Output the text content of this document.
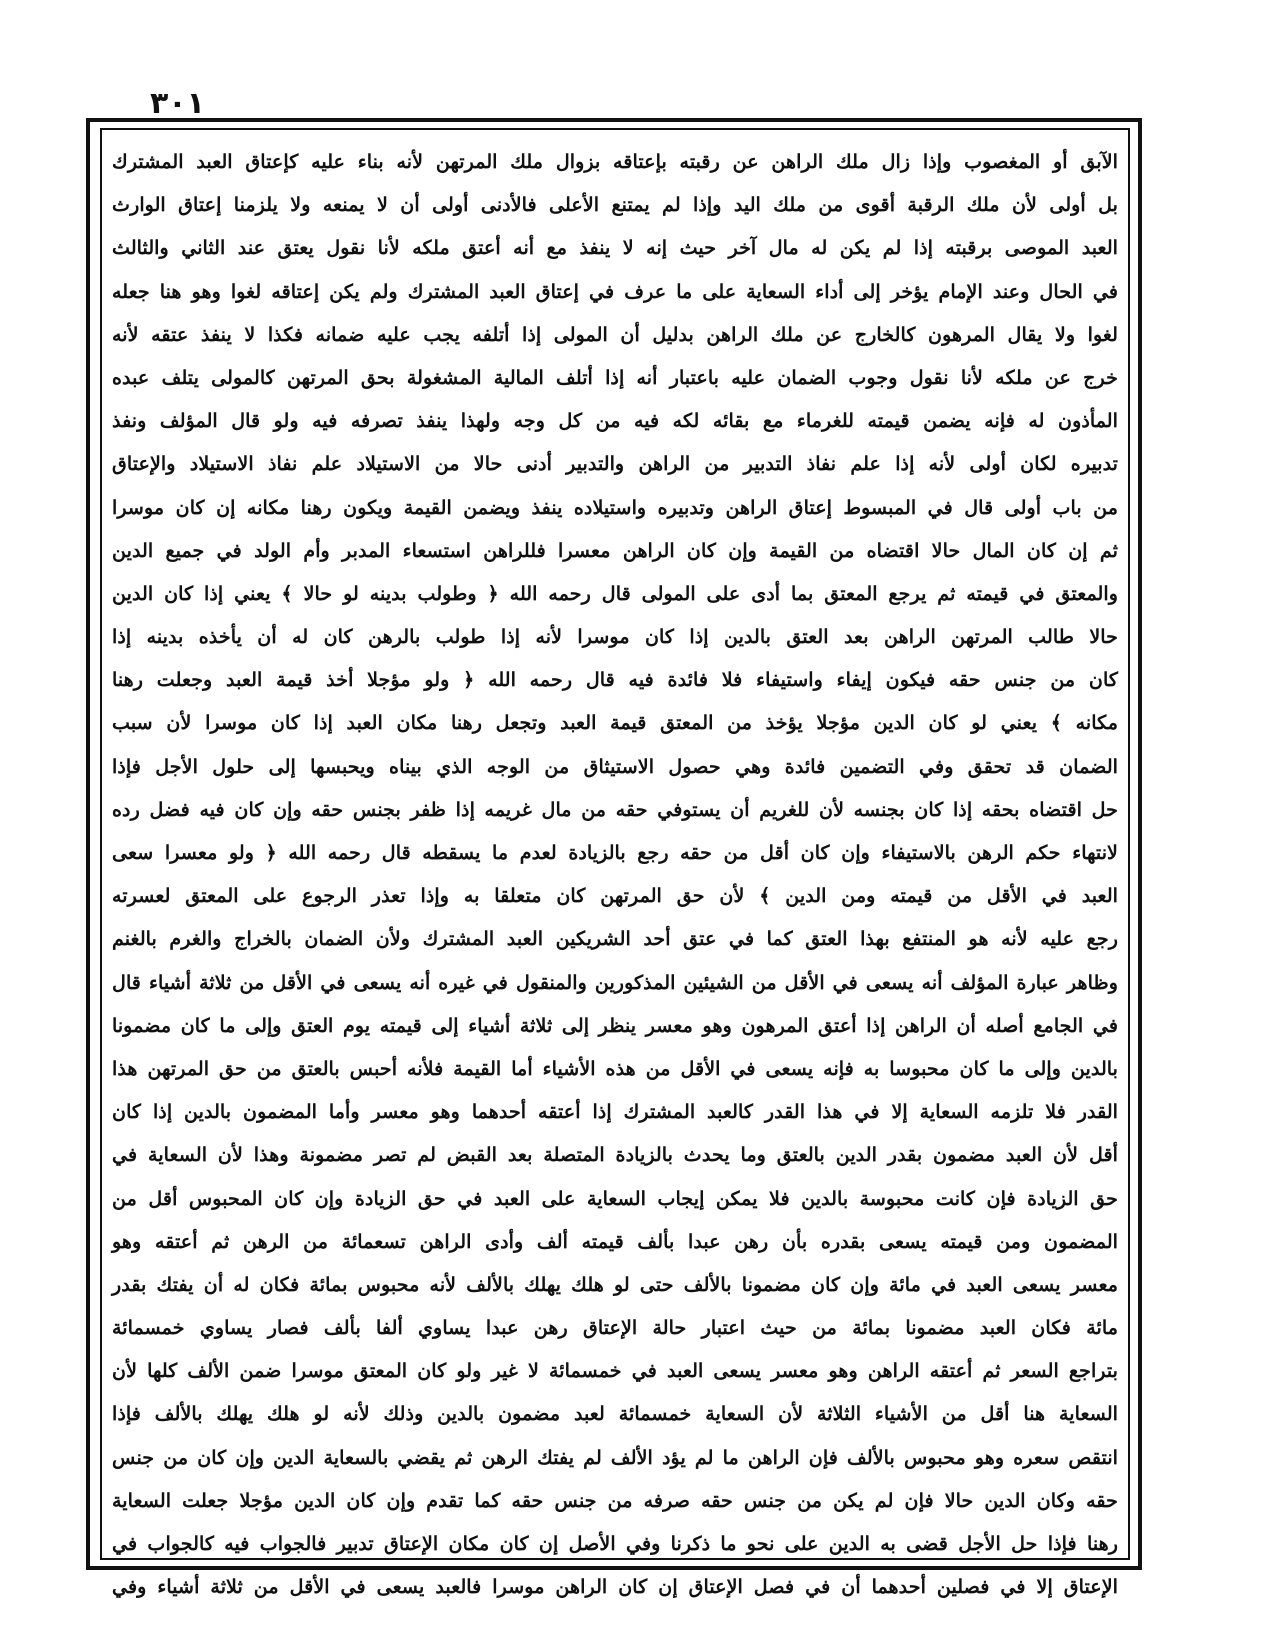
٣٠١
الآبق أو المغصوب وإذا زال ملك الراهن عن رقبته بإعتاقه بزوال ملك المرتهن لأنه بناء عليه كإعتاق العبد المشترك
بل أولى لأن ملك الرقبة أقوى من ملك اليد وإذا لم يمتنع الأعلى فالأدنى أولى أن لا يمنعه ولا يلزمنا إعتاق الوارث
العبد الموصى برقبته إذا لم يكن له مال آخر حيث إنه لا ينفذ مع أنه أعتق ملكه لأنا نقول يعتق عند الثاني والثالث
في الحال وعند الإمام يؤخر إلى أداء السعاية على ما عرف في إعتاق العبد المشترك ولم يكن إعتاقه لغوا وهو هنا جعله
لغوا ولا يقال المرهون كالخارج عن ملك الراهن بدليل أن المولى إذا أتلفه يجب عليه ضمانه فكذا لا ينفذ عتقه لأنه
خرج عن ملكه لأنا نقول وجوب الضمان عليه باعتبار أنه إذا أتلف المالية المشغولة بحق المرتهن كالمولى يتلف عبده
المأذون له فإنه يضمن قيمته للغرماء مع بقائه لكه فيه من كل وجه ولهذا ينفذ تصرفه فيه ولو قال المؤلف ونفذ
تدبيره لكان أولى لأنه إذا علم نفاذ التدبير من الراهن والتدبير أدنى حالا من الاستيلاد علم نفاذ الاستيلاد والإعتاق
من باب أولى قال في المبسوط إعتاق الراهن وتدبيره واستيلاده ينفذ ويضمن القيمة ويكون رهنا مكانه إن كان موسرا
ثم إن كان المال حالا اقتضاه من القيمة وإن كان الراهن معسرا فللراهن استسعاء المدبر وأم الولد في جميع الدين
والمعتق في قيمته ثم يرجع المعتق بما أدى على المولى قال رحمه الله ﴿ وطولب بدينه لو حالا ﴾ يعني إذا كان الدين
حالا طالب المرتهن الراهن بعد العتق بالدين إذا كان موسرا لأنه إذا طولب بالرهن كان له أن يأخذه بدينه إذا
كان من جنس حقه فيكون إيفاء واستيفاء فلا فائدة فيه قال رحمه الله ﴿ ولو مؤجلا أخذ قيمة العبد وجعلت رهنا
مكانه ﴾ يعني لو كان الدين مؤجلا يؤخذ من المعتق قيمة العبد وتجعل رهنا مكان العبد إذا كان موسرا لأن سبب
الضمان قد تحقق وفي التضمين فائدة وهي حصول الاستيثاق من الوجه الذي بيناه ويحبسها إلى حلول الأجل فإذا
حل اقتضاه بحقه إذا كان بجنسه لأن للغريم أن يستوفي حقه من مال غريمه إذا ظفر بجنس حقه وإن كان فيه فضل رده
لانتهاء حكم الرهن بالاستيفاء وإن كان أقل من حقه رجع بالزيادة لعدم ما يسقطه قال رحمه الله ﴿ ولو معسرا سعى
العبد في الأقل من قيمته ومن الدين ﴾ لأن حق المرتهن كان متعلقا به وإذا تعذر الرجوع على المعتق لعسرته
رجع عليه لأنه هو المنتفع بهذا العتق كما في عتق أحد الشريكين العبد المشترك ولأن الضمان بالخراج والغرم بالغنم
وظاهر عبارة المؤلف أنه يسعى في الأقل من الشيئين المذكورين والمنقول في غيره أنه يسعى في الأقل من ثلاثة أشياء قال
في الجامع أصله أن الراهن إذا أعتق المرهون وهو معسر ينظر إلى ثلاثة أشياء إلى قيمته يوم العتق وإلى ما كان مضمونا
بالدين وإلى ما كان محبوسا به فإنه يسعى في الأقل من هذه الأشياء أما القيمة فلأنه أحبس بالعتق من حق المرتهن هذا
القدر فلا تلزمه السعاية إلا في هذا القدر كالعبد المشترك إذا أعتقه أحدهما وهو معسر وأما المضمون بالدين إذا كان
أقل لأن العبد مضمون بقدر الدين بالعتق وما يحدث بالزيادة المتصلة بعد القبض لم تصر مضمونة وهذا لأن السعاية في
حق الزيادة فإن كانت محبوسة بالدين فلا يمكن إيجاب السعاية على العبد في حق الزيادة وإن كان المحبوس أقل من
المضمون ومن قيمته يسعى بقدره بأن رهن عبدا بألف قيمته ألف وأدى الراهن تسعمائة من الرهن ثم أعتقه وهو
معسر يسعى العبد في مائة وإن كان مضمونا بالألف حتى لو هلك يهلك بالألف لأنه محبوس بمائة فكان له أن يفتك بقدر
مائة فكان العبد مضمونا بمائة من حيث اعتبار حالة الإعتاق رهن عبدا يساوي ألفا بألف فصار يساوي خمسمائة
بتراجع السعر ثم أعتقه الراهن وهو معسر يسعى العبد في خمسمائة لا غير ولو كان المعتق موسرا ضمن الألف كلها لأن
السعاية هنا أقل من الأشياء الثلاثة لأن السعاية خمسمائة لعبد مضمون بالدين وذلك لأنه لو هلك يهلك بالألف فإذا
انتقص سعره وهو محبوس بالألف فإن الراهن ما لم يؤد الألف لم يفتك الرهن ثم يقضي بالسعاية الدين وإن كان من جنس
حقه وكان الدين حالا فإن لم يكن من جنس حقه صرفه من جنس حقه كما تقدم وإن كان الدين مؤجلا جعلت السعاية
رهنا فإذا حل الأجل قضى به الدين على نحو ما ذكرنا وفي الأصل إن كان مكان الإعتاق تدبير فالجواب فيه كالجواب في
الإعتاق إلا في فصلين أحدهما أن في فصل الإعتاق إن كان الراهن موسرا فالعبد يسعى في الأقل من ثلاثة أشياء وفي
